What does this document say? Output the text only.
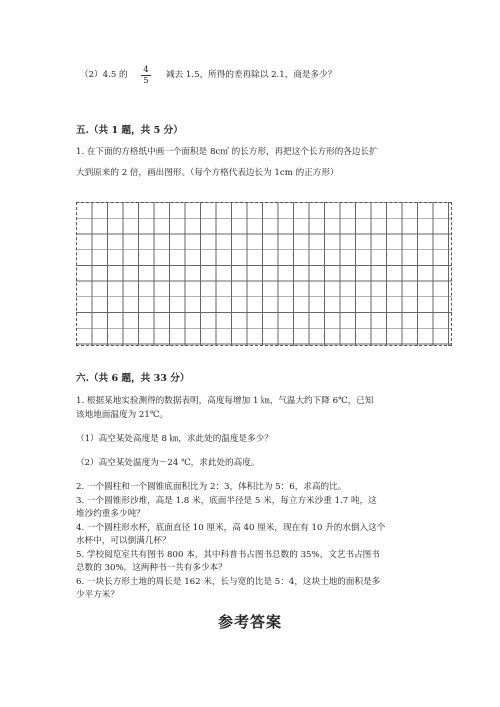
（2）4.5 的	4
5
减去 1.5，所得的差再除以 2.1，商是多少？
五.（共 1 题，共 5 分）
1. 在下面的方格纸中画一个面积是 8c㎡ 的长方形，再把这个长方形的各边长扩
大到原来的 2 倍，画出图形。（每个方格代表边长为 1cm 的正方形）
六.（共 6 题，共 33 分）
1. 根据某地实验测得的数据表明，高度每增加 1 ㎞，气温大约下降 6℃，已知
该地地面温度为 21℃。
（1）高空某处高度是 8 ㎞，求此处的温度是多少？
（2）高空某处温度为－24 ℃，求此处的高度。
2. 一个圆柱和一个圆锥底面积比为 2：3，体积比为 5：6，求高的比。
3. 一个圆锥形沙堆，高是 1.8 米，底面半径是 5 米，每立方米沙重 1.7 吨，这
堆沙约重多少吨？
4. 一个圆柱形水杯，底面直径 10 厘米，高 40 厘米，现在有 10 升的水倒入这个
水杯中，可以倒满几杯？
5. 学校阅览室共有图书 800 本，其中科普书占图书总数的 35%，文艺书占图书
总数的 30%。这两种书一共有多少本？
6. 一块长方形土地的周长是 162 米，长与宽的比是 5：4，这块土地的面积是多
少平方米？
参考答案
